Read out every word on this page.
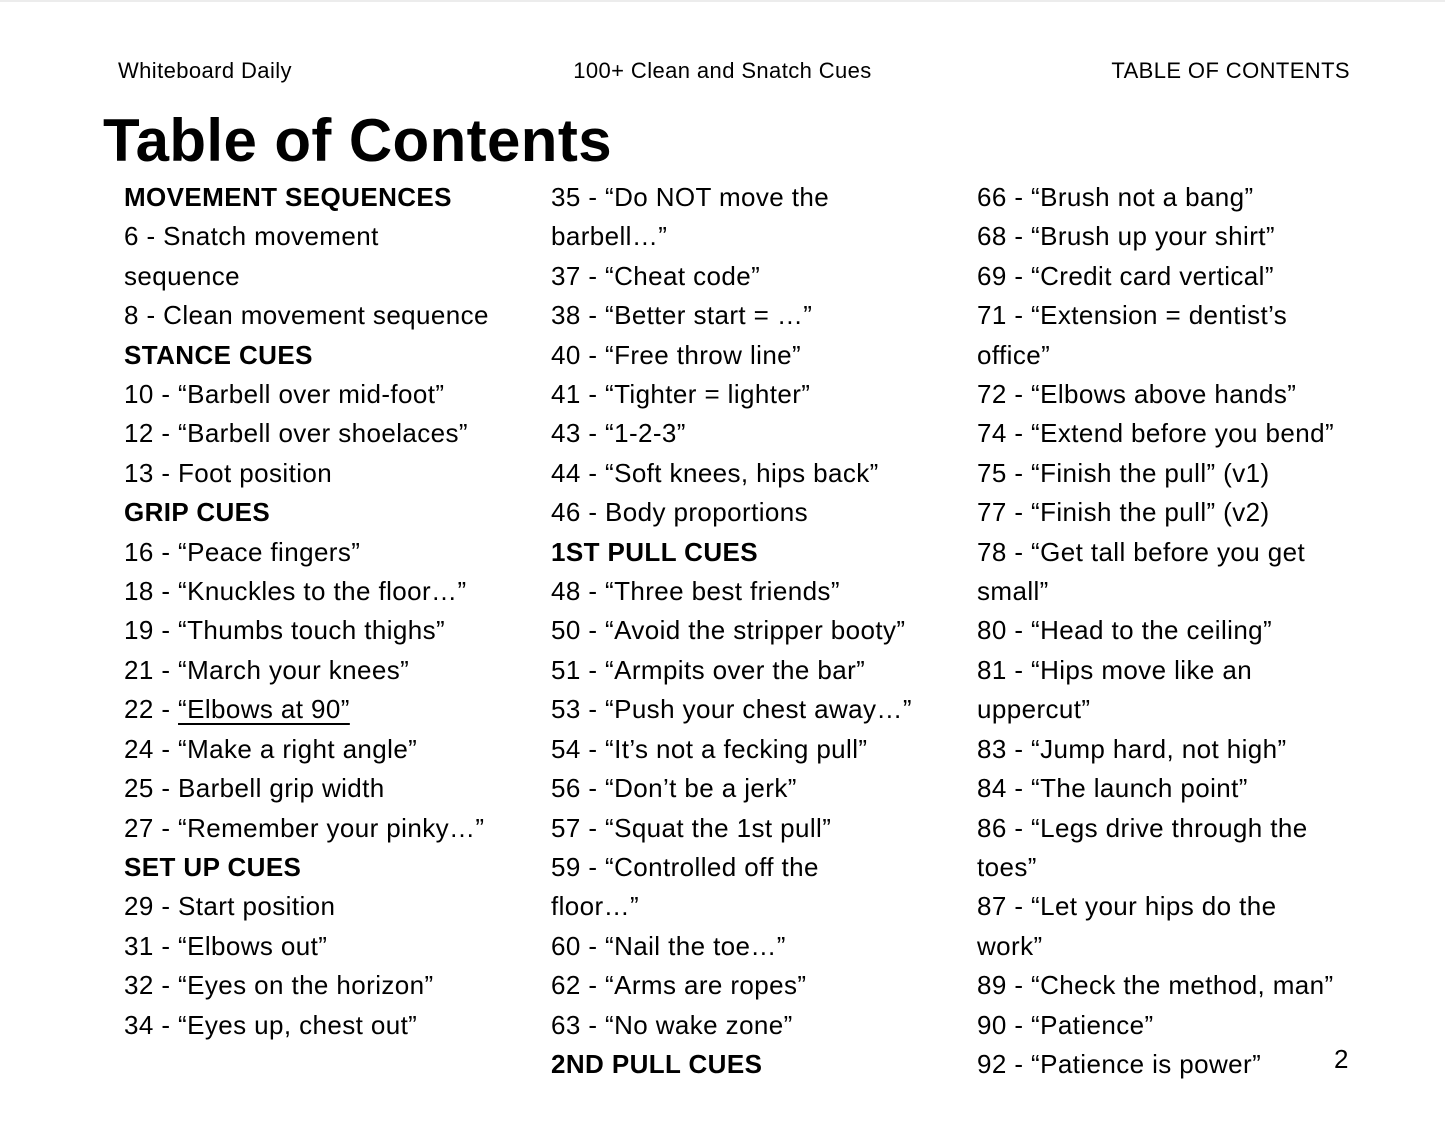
Whiteboard Daily	100+ Clean and Snatch Cues	TABLE OF CONTENTS
Table of Contents
MOVEMENT SEQUENCES
6 - Snatch movement
sequence
8 - Clean movement sequence
STANCE CUES
10 - “Barbell over mid-foot”
12 - “Barbell over shoelaces”
13 - Foot position
GRIP CUES
16 - “Peace fingers”
18 - “Knuckles to the floor…”
19 - “Thumbs touch thighs”
21 - “March your knees”
22 - “Elbows at 90”
24 - “Make a right angle”
25 - Barbell grip width
27 - “Remember your pinky…”
SET UP CUES
29 - Start position
31 - “Elbows out”
32 - “Eyes on the horizon”
34 - “Eyes up, chest out”
35 - “Do NOT move the
barbell…”
37 - “Cheat code”
38 - “Better start = …”
40 - “Free throw line”
41 - “Tighter = lighter”
43 - “1-2-3”
44 - “Soft knees, hips back”
46 - Body proportions
1ST PULL CUES
48 - “Three best friends”
50 - “Avoid the stripper booty”
51 - “Armpits over the bar”
53 - “Push your chest away…”
54 - “It’s not a fecking pull”
56 - “Don’t be a jerk”
57 - “Squat the 1st pull”
59 - “Controlled off the
floor…”
60 - “Nail the toe…”
62 - “Arms are ropes”
63 - “No wake zone”
2ND PULL CUES
66 - “Brush not a bang”
68 - “Brush up your shirt”
69 - “Credit card vertical”
71 - “Extension = dentist’s
office”
72 - “Elbows above hands”
74 - “Extend before you bend”
75 - “Finish the pull” (v1)
77 - “Finish the pull” (v2)
78 - “Get tall before you get
small”
80 - “Head to the ceiling”
81 - “Hips move like an
uppercut”
83 - “Jump hard, not high”
84 - “The launch point”
86 - “Legs drive through the
toes”
87 - “Let your hips do the
work”
89 - “Check the method, man”
90 - “Patience”
92 - “Patience is power”	2
